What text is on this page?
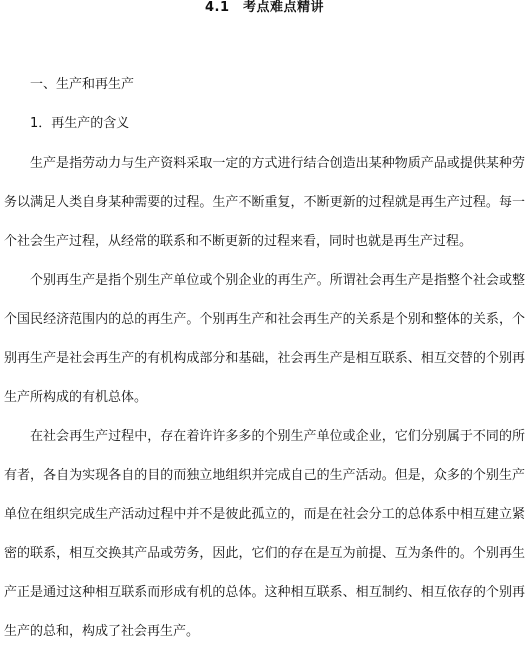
4.1　考点难点精讲
一、生产和再生产
1．再生产的含义

生产是指劳动力与生产资料采取一定的方式进行结合创造出某种物质产品或提供某种劳务以满足人类自身某种需要的过程。生产不断重复，不断更新的过程就是再生产过程。每一个社会生产过程，从经常的联系和不断更新的过程来看，同时也就是再生产过程。

个别再生产是指个别生产单位或个别企业的再生产。所谓社会再生产是指整个社会或整个国民经济范围内的总的再生产。个别再生产和社会再生产的关系是个别和整体的关系，个别再生产是社会再生产的有机构成部分和基础，社会再生产是相互联系、相互交替的个别再生产所构成的有机总体。

在社会再生产过程中，存在着许许多多的个别生产单位或企业，它们分别属于不同的所有者，各自为实现各自的目的而独立地组织并完成自己的生产活动。但是，众多的个别生产单位在组织完成生产活动过程中并不是彼此孤立的，而是在社会分工的总体系中相互建立紧密的联系，相互交换其产品或劳务，因此，它们的存在是互为前提、互为条件的。个别再生产正是通过这种相互联系而形成有机的总体。这种相互联系、相互制约、相互依存的个别再生产的总和，构成了社会再生产。
